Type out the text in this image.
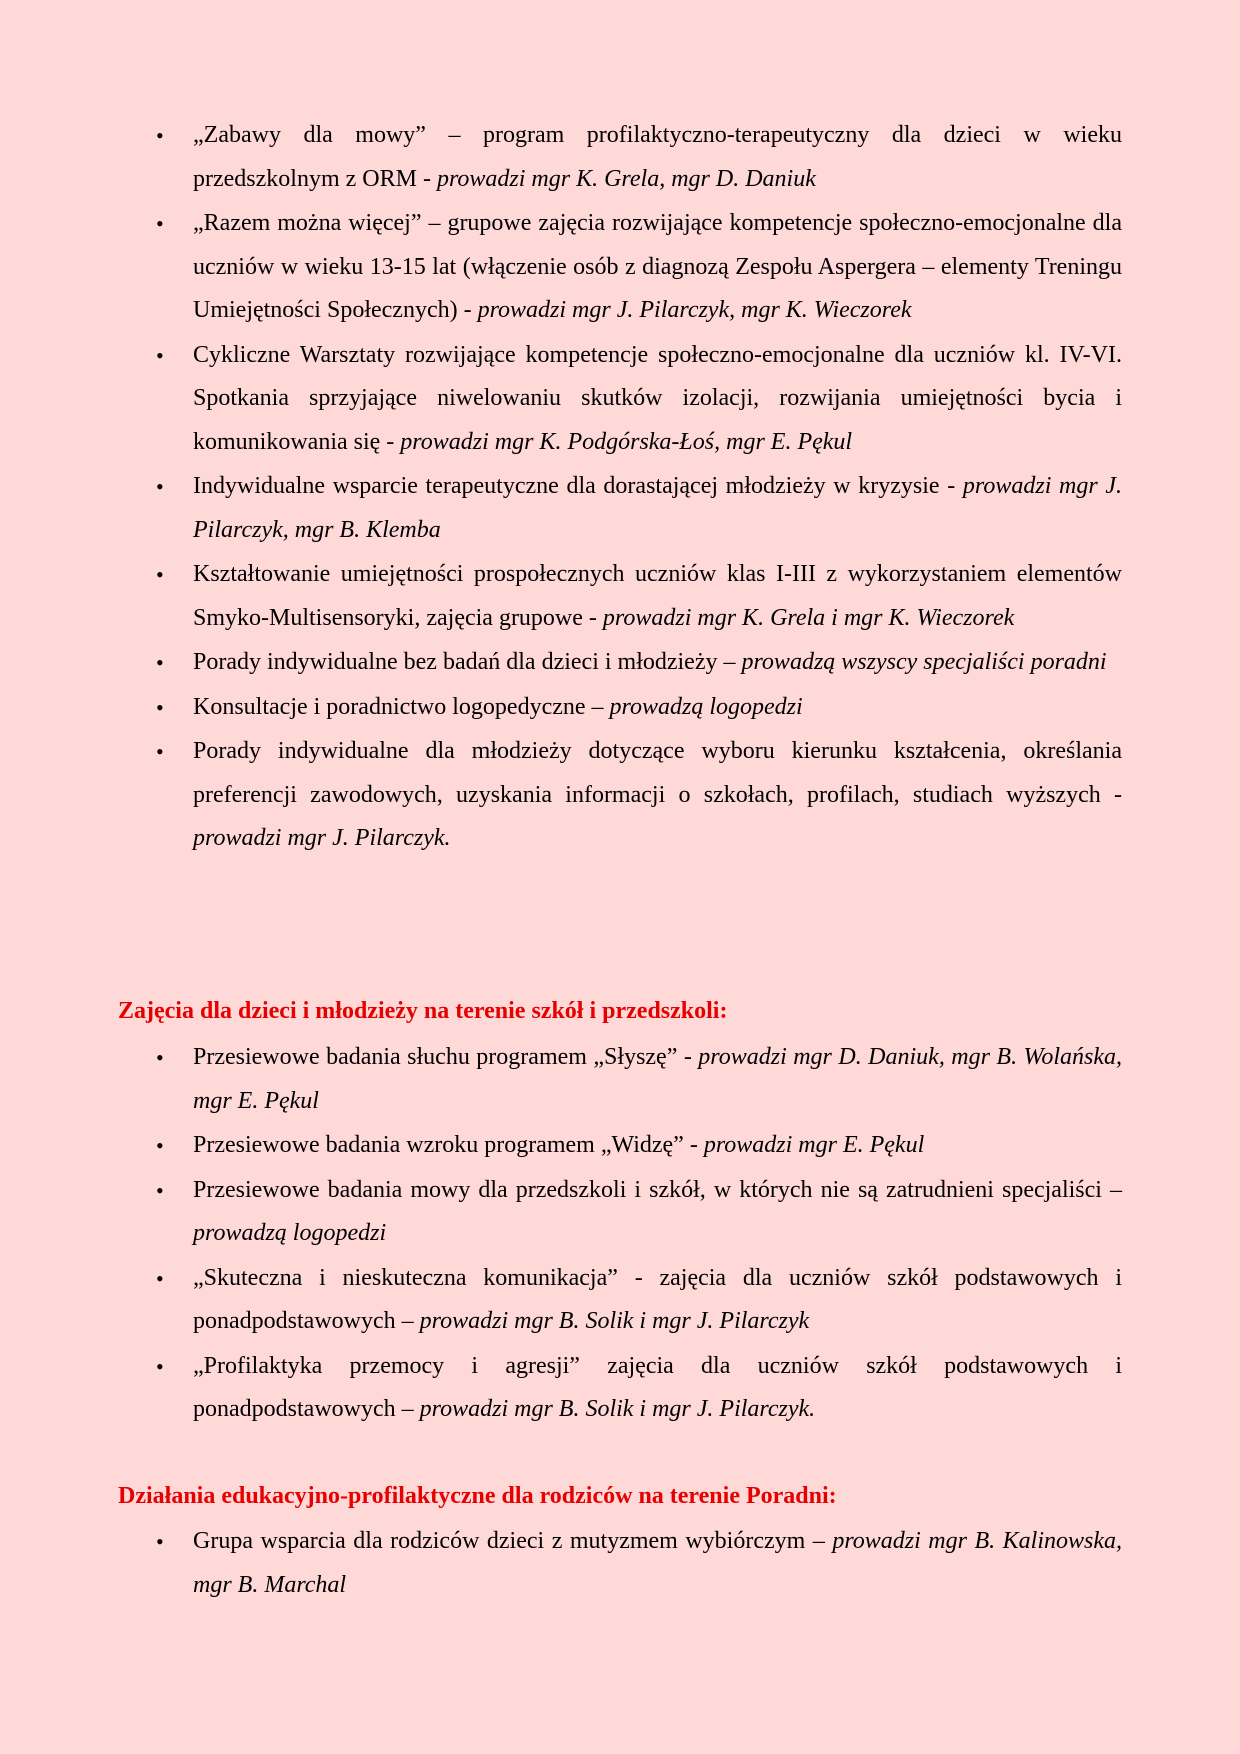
• „Zabawy dla mowy” – program profilaktyczno-terapeutyczny dla dzieci w wieku przedszkolnym z ORM - prowadzi mgr K. Grela, mgr D. Daniuk
• „Razem można więcej” – grupowe zajęcia rozwijające kompetencje społeczno-emocjonalne dla uczniów w wieku 13-15 lat (włączenie osób z diagnozą Zespołu Aspergera – elementy Treningu Umiejętności Społecznych) - prowadzi mgr J. Pilarczyk, mgr K. Wieczorek
• Cykliczne Warsztaty rozwijające kompetencje społeczno-emocjonalne dla uczniów kl. IV-VI. Spotkania sprzyjające niwelowaniu skutków izolacji, rozwijania umiejętności bycia i komunikowania się - prowadzi mgr K. Podgórska-Łoś, mgr E. Pękul
• Indywidualne wsparcie terapeutyczne dla dorastającej młodzieży w kryzysie - prowadzi mgr J. Pilarczyk, mgr B. Klemba
• Kształtowanie umiejętności prospołecznych uczniów klas I-III z wykorzystaniem elementów Smyko-Multisensoryki, zajęcia grupowe - prowadzi mgr K. Grela i mgr K. Wieczorek
• Porady indywidualne bez badań dla dzieci i młodzieży – prowadzą wszyscy specjaliści poradni
• Konsultacje i poradnictwo logopedyczne – prowadzą logopedzi
• Porady indywidualne dla młodzieży dotyczące wyboru kierunku kształcenia, określania preferencji zawodowych, uzyskania informacji o szkołach, profilach, studiach wyższych - prowadzi mgr J. Pilarczyk.
Zajęcia dla dzieci i młodzieży na terenie szkół i przedszkoli:
• Przesiewowe badania słuchu programem „Słyszę” - prowadzi mgr D. Daniuk, mgr B. Wolańska, mgr E. Pękul
• Przesiewowe badania wzroku programem „Widzę” - prowadzi mgr E. Pękul
• Przesiewowe badania mowy dla przedszkoli i szkół, w których nie są zatrudnieni specjaliści – prowadzą logopedzi
• „Skuteczna i nieskuteczna komunikacja” - zajęcia dla uczniów szkół podstawowych i ponadpodstawowych – prowadzi mgr B. Solik i mgr J. Pilarczyk
• „Profilaktyka przemocy i agresji” zajęcia dla uczniów szkół podstawowych i ponadpodstawowych – prowadzi mgr B. Solik i mgr J. Pilarczyk.
Działania edukacyjno-profilaktyczne dla rodziców na terenie Poradni:
• Grupa wsparcia dla rodziców dzieci z mutyzmem wybiórczym – prowadzi mgr B. Kalinowska, mgr B. Marchal
